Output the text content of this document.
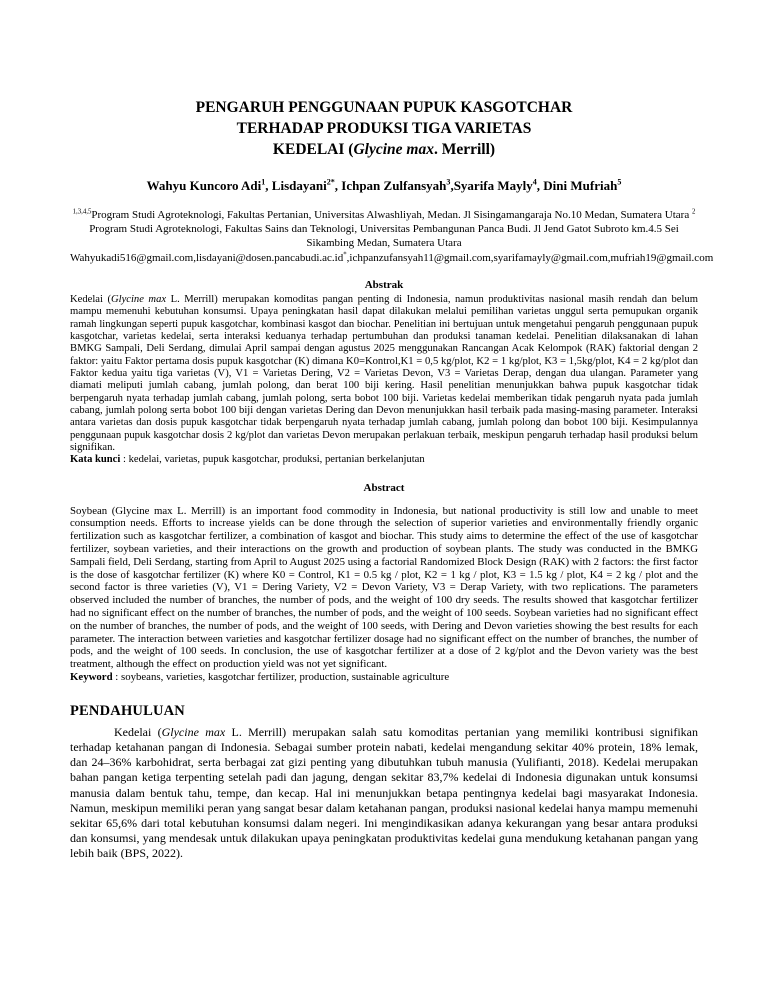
PENGARUH PENGGUNAAN PUPUK KASGOTCHAR
TERHADAP PRODUKSI TIGA VARIETAS
KEDELAI (Glycine max. Merrill)

Wahyu Kuncoro Adi$^1$, Lisdayani$^{2*}$, Ichpan Zulfansyah$^3$,Syarifa Mayly$^4$, Dini Mufriah$^5$

$^{1,3,4,5}$Program Studi Agroteknologi, Fakultas Pertanian, Universitas Alwashliyah, Medan. Jl Sisingamangaraja No.10 Medan, Sumatera Utara $^2$ Program Studi Agroteknologi, Fakultas Sains dan Teknologi, Universitas Pembangunan Panca Budi. Jl Jend Gatot Subroto km.4.5 Sei Sikambing Medan, Sumatera Utara Wahyukadi516@gmail.com,lisdayani@dosen.pancabudi.ac.id*,ichpanzufansyah11@gmail.com,syarifamayly@gmail.com,mufriah19@gmail.com
Abstrak

Kedelai (Glycine max L. Merrill) merupakan komoditas pangan penting di Indonesia, namun produktivitas nasional masih rendah dan belum mampu memenuhi kebutuhan konsumsi. Upaya peningkatan hasil dapat dilakukan melalui pemilihan varietas unggul serta pemupukan organik ramah lingkungan seperti pupuk kasgotchar, kombinasi kasgot dan biochar. Penelitian ini bertujuan untuk mengetahui pengaruh penggunaan pupuk kasgotchar, varietas kedelai, serta interaksi keduanya terhadap pertumbuhan dan produksi tanaman kedelai. Penelitian dilaksanakan di lahan BMKG Sampali, Deli Serdang, dimulai April sampai dengan agustus 2025 menggunakan Rancangan Acak Kelompok (RAK) faktorial dengan 2 faktor: yaitu Faktor pertama dosis pupuk kasgotchar (K) dimana K0=Kontrol,K1 = 0,5 kg/plot, K2 = 1 kg/plot, K3 = 1,5kg/plot, K4 = 2 kg/plot dan Faktor kedua yaitu tiga varietas (V), V1 = Varietas Dering, V2 = Varietas Devon, V3 = Varietas Derap, dengan dua ulangan. Parameter yang diamati meliputi jumlah cabang, jumlah polong, dan berat 100 biji kering. Hasil penelitian menunjukkan bahwa pupuk kasgotchar tidak berpengaruh nyata terhadap jumlah cabang, jumlah polong, serta bobot 100 biji. Varietas kedelai memberikan tidak pengaruh nyata pada jumlah cabang, jumlah polong serta bobot 100 biji dengan varietas Dering dan Devon menunjukkan hasil terbaik pada masing-masing parameter. Interaksi antara varietas dan dosis pupuk kasgotchar tidak berpengaruh nyata terhadap jumlah cabang, jumlah polong dan bobot 100 biji. Kesimpulannya penggunaan pupuk kasgotchar dosis 2 kg/plot dan varietas Devon merupakan perlakuan terbaik, meskipun pengaruh terhadap hasil produksi belum signifikan.

Kata kunci : kedelai, varietas, pupuk kasgotchar, produksi, pertanian berkelanjutan

Abstract

Soybean (Glycine max L. Merrill) is an important food commodity in Indonesia, but national productivity is still low and unable to meet consumption needs. Efforts to increase yields can be done through the selection of superior varieties and environmentally friendly organic fertilization such as kasgotchar fertilizer, a combination of kasgot and biochar. This study aims to determine the effect of the use of kasgotchar fertilizer, soybean varieties, and their interactions on the growth and production of soybean plants. The study was conducted in the BMKG Sampali field, Deli Serdang, starting from April to August 2025 using a factorial Randomized Block Design (RAK) with 2 factors: the first factor is the dose of kasgotchar fertilizer (K) where K0 = Control, K1 = 0.5 kg / plot, K2 = 1 kg / plot, K3 = 1.5 kg / plot, K4 = 2 kg / plot and the second factor is three varieties (V), V1 = Dering Variety, V2 = Devon Variety, V3 = Derap Variety, with two replications. The parameters observed included the number of branches, the number of pods, and the weight of 100 dry seeds. The results showed that kasgotchar fertilizer had no significant effect on the number of branches, the number of pods, and the weight of 100 seeds. Soybean varieties had no significant effect on the number of branches, the number of pods, and the weight of 100 seeds, with Dering and Devon varieties showing the best results for each parameter. The interaction between varieties and kasgotchar fertilizer dosage had no significant effect on the number of branches, the number of pods, and the weight of 100 seeds. In conclusion, the use of kasgotchar fertilizer at a dose of 2 kg/plot and the Devon variety was the best treatment, although the effect on production yield was not yet significant.

Keyword : soybeans, varieties, kasgotchar fertilizer, production, sustainable agriculture

PENDAHULUAN

Kedelai (Glycine max L. Merrill) merupakan salah satu komoditas pertanian yang memiliki kontribusi signifikan terhadap ketahanan pangan di Indonesia. Sebagai sumber protein nabati, kedelai mengandung sekitar 40% protein, 18% lemak, dan 24–36% karbohidrat, serta berbagai zat gizi penting yang dibutuhkan tubuh manusia (Yulifianti, 2018). Kedelai merupakan bahan pangan ketiga terpenting setelah padi dan jagung, dengan sekitar 83,7% kedelai di Indonesia digunakan untuk konsumsi manusia dalam bentuk tahu, tempe, dan kecap. Hal ini menunjukkan betapa pentingnya kedelai bagi masyarakat Indonesia. Namun, meskipun memiliki peran yang sangat besar dalam ketahanan pangan, produksi nasional kedelai hanya mampu memenuhi sekitar 65,6% dari total kebutuhan konsumsi dalam negeri. Ini mengindikasikan adanya kekurangan yang besar antara produksi dan konsumsi, yang mendesak untuk dilakukan upaya peningkatan produktivitas kedelai guna mendukung ketahanan pangan yang lebih baik (BPS, 2022).
